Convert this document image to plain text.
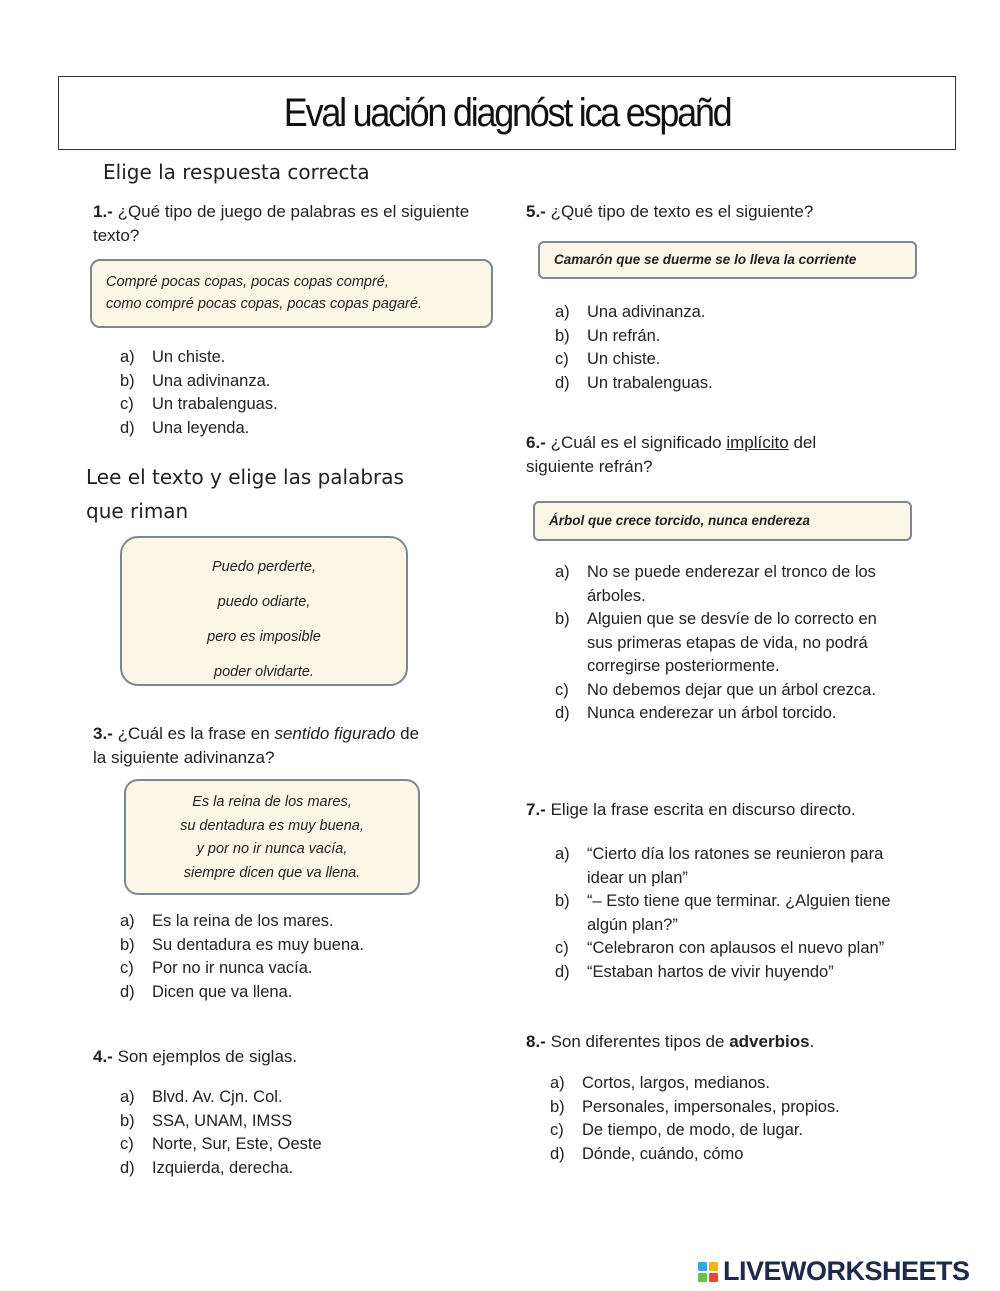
Eval uación diagnóst ica españd
Elige la respuesta correcta
1.- ¿Qué tipo de juego de palabras es el siguiente texto?
Compré pocas copas, pocas copas compré,
como compré pocas copas, pocas copas pagaré.
a)	Un chiste.
b)	Una adivinanza.
c)	Un trabalenguas.
d)	Una leyenda.
Lee el texto y elige las palabras
que riman
Puedo perderte,
puedo odiarte,
pero es imposible
poder olvidarte.
3.- ¿Cuál es la frase en sentido figurado de
la siguiente adivinanza?
Es la reina de los mares,
su dentadura es muy buena,
y por no ir nunca vacía,
siempre dicen que va llena.
a)	Es la reina de los mares.
b)	Su dentadura es muy buena.
c)	Por no ir nunca vacía.
d)	Dicen que va llena.
4.- Son ejemplos de siglas.
a)	Blvd. Av. Cjn. Col.
b)	SSA, UNAM, IMSS
c)	Norte, Sur, Este, Oeste
d)	Izquierda, derecha.
5.- ¿Qué tipo de texto es el siguiente?
Camarón que se duerme se lo lleva la corriente
a)	Una adivinanza.
b)	Un refrán.
c)	Un chiste.
d)	Un trabalenguas.
6.- ¿Cuál es el significado implícito del
siguiente refrán?
Árbol que crece torcido, nunca endereza
a)	No se puede enderezar el tronco de los árboles.
b)	Alguien que se desvíe de lo correcto en sus primeras etapas de vida, no podrá corregirse posteriormente.
c)	No debemos dejar que un árbol crezca.
d)	Nunca enderezar un árbol torcido.
7.- Elige la frase escrita en discurso directo.
a)	“Cierto día los ratones se reunieron para idear un plan”
b)	“– Esto tiene que terminar. ¿Alguien tiene algún plan?”
c)	“Celebraron con aplausos el nuevo plan”
d)	“Estaban hartos de vivir huyendo”
8.- Son diferentes tipos de adverbios.
a)	Cortos, largos, medianos.
b)	Personales, impersonales, propios.
c)	De tiempo, de modo, de lugar.
d)	Dónde, cuándo, cómo
LIVEWORKSHEETS
